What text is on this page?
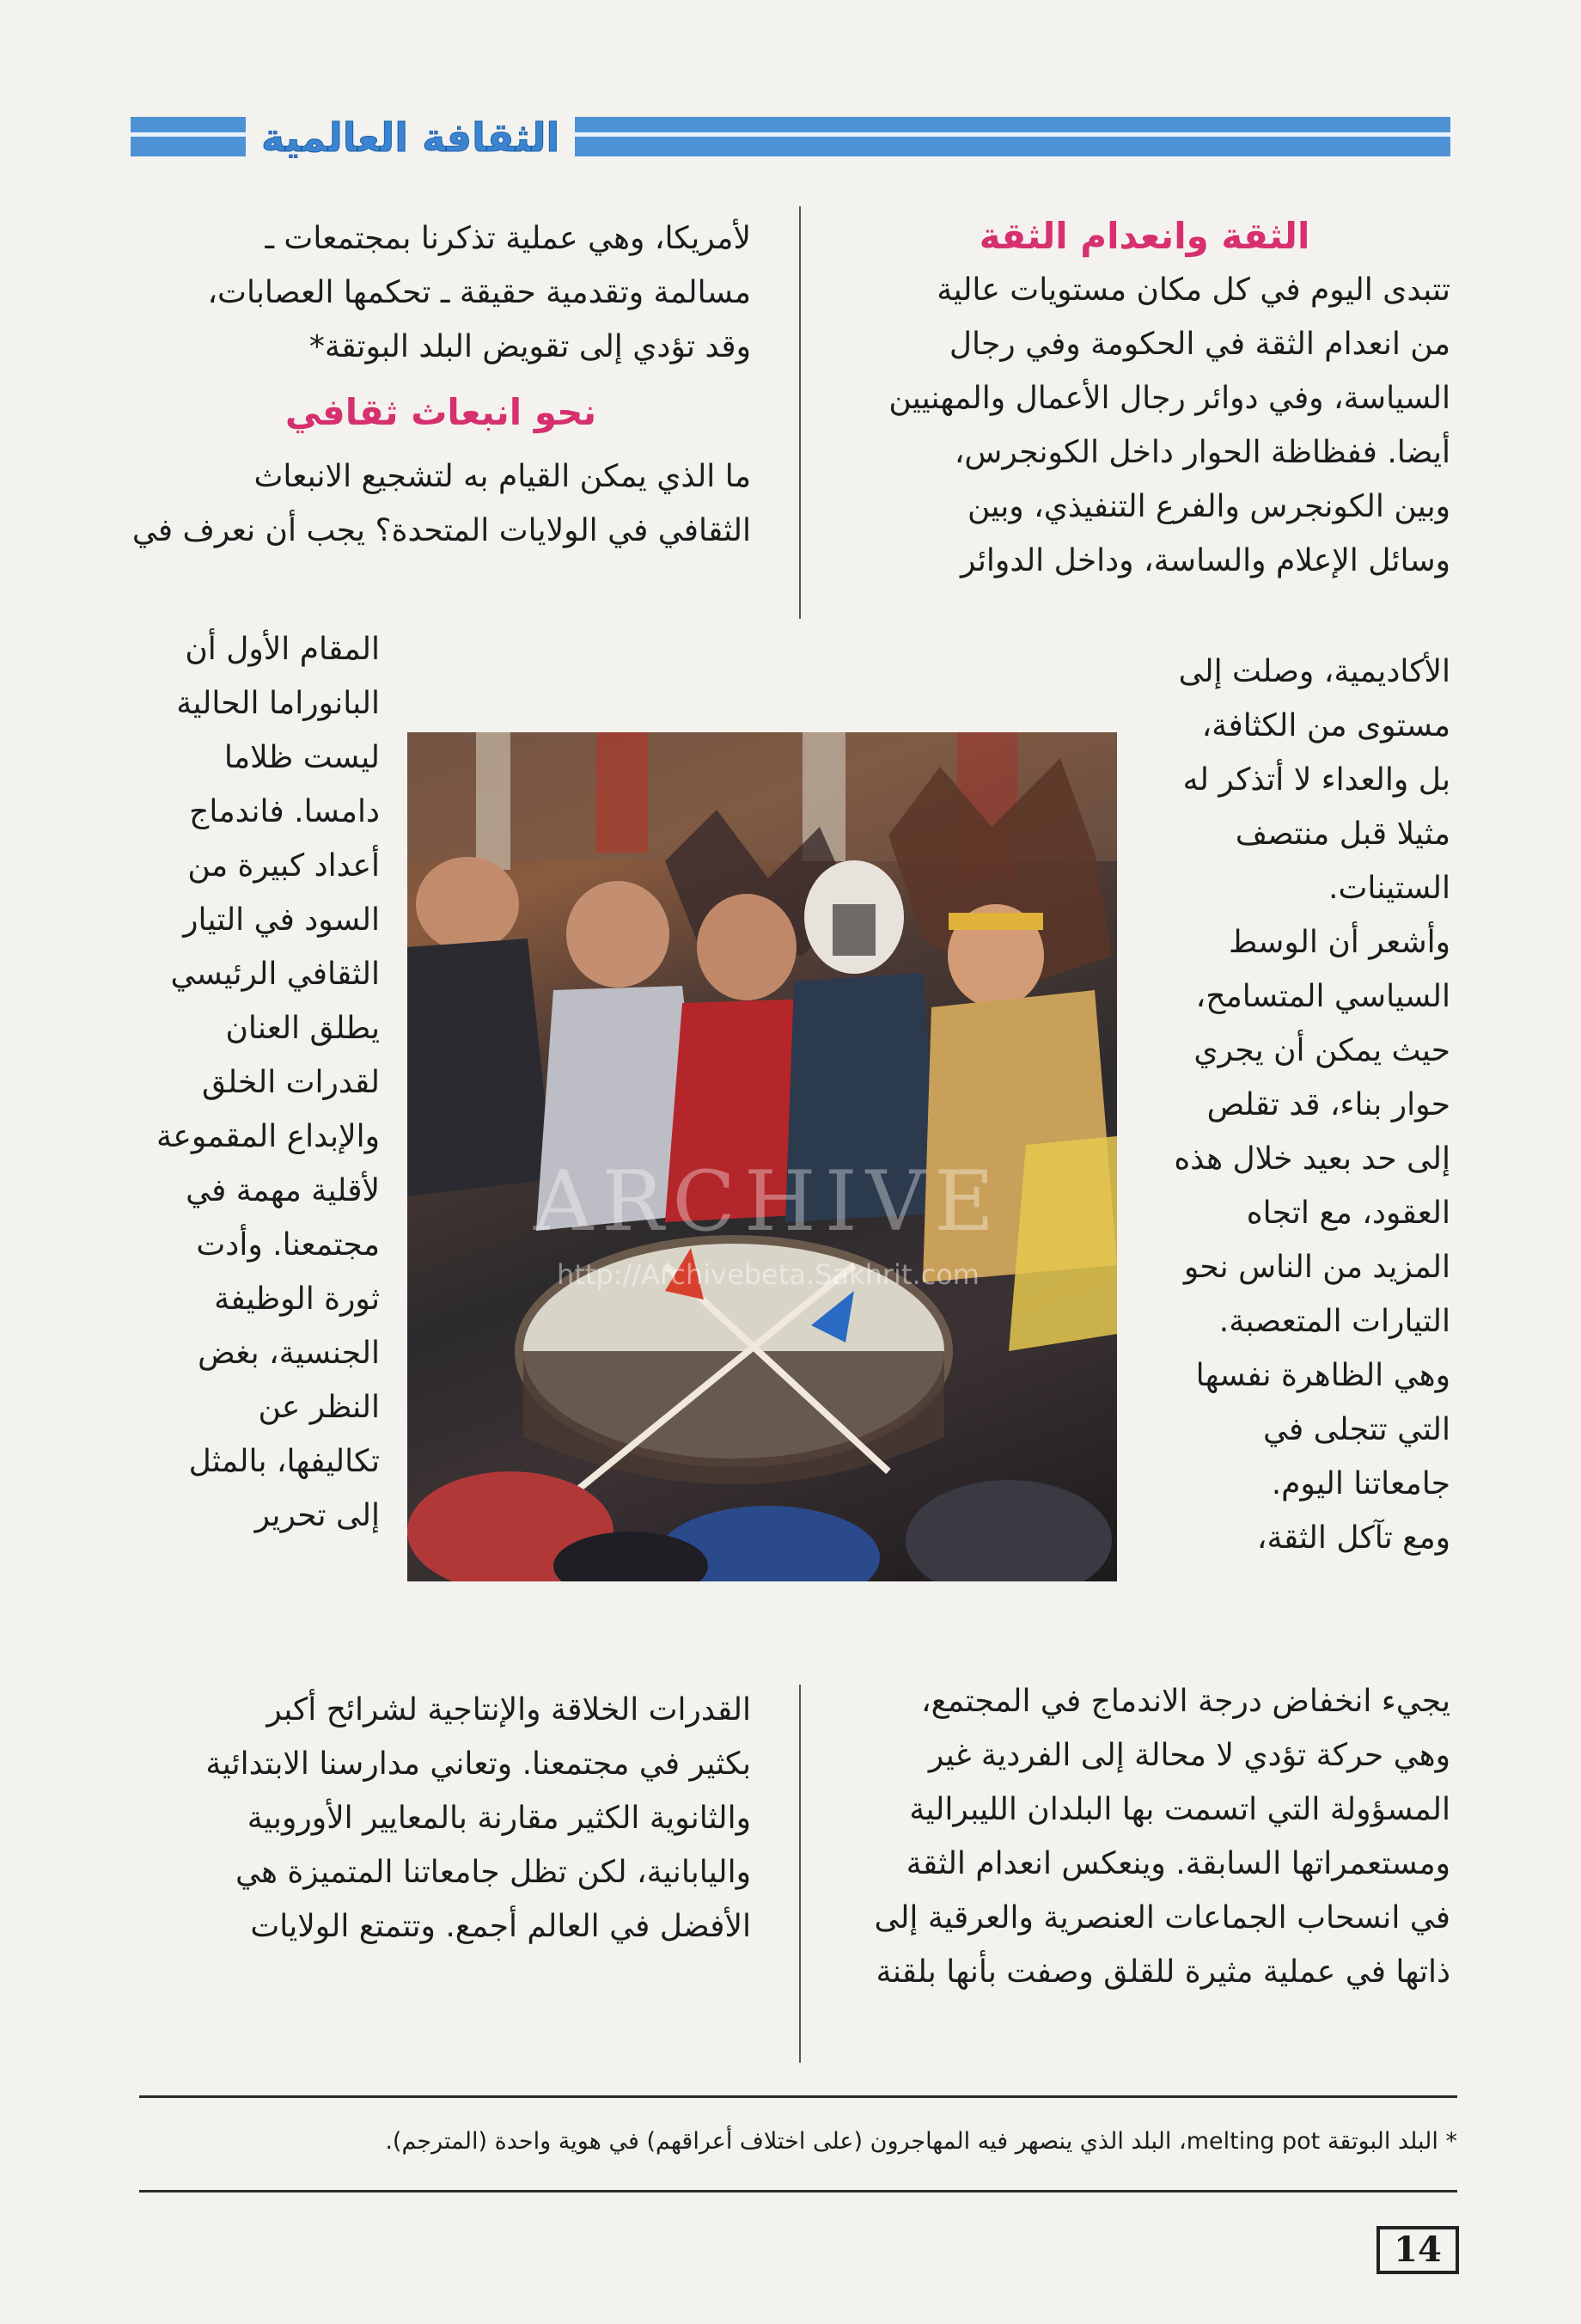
الثقافة العالمية

الثقة وانعدام الثقة

تتبدى اليوم في كل مكان مستويات عالية

من انعدام الثقة في الحكومة وفي رجال

السياسة، وفي دوائر رجال الأعمال والمهنيين

أيضا. ففظاظة الحوار داخل الكونجرس،

وبين الكونجرس والفرع التنفيذي، وبين

وسائل الإعلام والساسة، وداخل الدوائر

الأكاديمية، وصلت إلى

مستوى من الكثافة،

بل والعداء لا أتذكر له

مثيلا قبل منتصف

الستينات.

وأشعر أن الوسط

السياسي المتسامح،

حيث يمكن أن يجري

حوار بناء، قد تقلص

إلى حد بعيد خلال هذه

العقود، مع اتجاه

المزيد من الناس نحو

التيارات المتعصبة.

وهي الظاهرة نفسها

التي تتجلى في

جامعاتنا اليوم.

ومع تآكل الثقة،

يجيء انخفاض درجة الاندماج في المجتمع،

وهي حركة تؤدي لا محالة إلى الفردية غير

المسؤولة التي اتسمت بها البلدان الليبرالية

ومستعمراتها السابقة. وينعكس انعدام الثقة

في انسحاب الجماعات العنصرية والعرقية إلى

ذاتها في عملية مثيرة للقلق وصفت بأنها بلقنة

لأمريكا، وهي عملية تذكرنا بمجتمعات ـ

مسالمة وتقدمية حقيقة ـ تحكمها العصابات،

وقد تؤدي إلى تقويض البلد البوتقة*

نحو انبعاث ثقافي

ما الذي يمكن القيام به لتشجيع الانبعاث

الثقافي في الولايات المتحدة؟ يجب أن نعرف في

المقام الأول أن

البانوراما الحالية

ليست ظلاما

دامسا. فاندماج

أعداد كبيرة من

السود في التيار

الثقافي الرئيسي

يطلق العنان

لقدرات الخلق

والإبداع المقموعة

لأقلية مهمة في

مجتمعنا. وأدت

ثورة الوظيفة

الجنسية، بغض

النظر عن

تكاليفها، بالمثل

إلى تحرير

القدرات الخلاقة والإنتاجية لشرائح أكبر

بكثير في مجتمعنا. وتعاني مدارسنا الابتدائية

والثانوية الكثير مقارنة بالمعايير الأوروبية

واليابانية، لكن تظل جامعاتنا المتميزة هي

الأفضل في العالم أجمع. وتتمتع الولايات

ARCHIVE
http://Archivebeta.Sakhrit.com
* البلد البوتقة melting pot، البلد الذي ينصهر فيه المهاجرون (على اختلاف أعراقهم) في هوية واحدة (المترجم).
14
